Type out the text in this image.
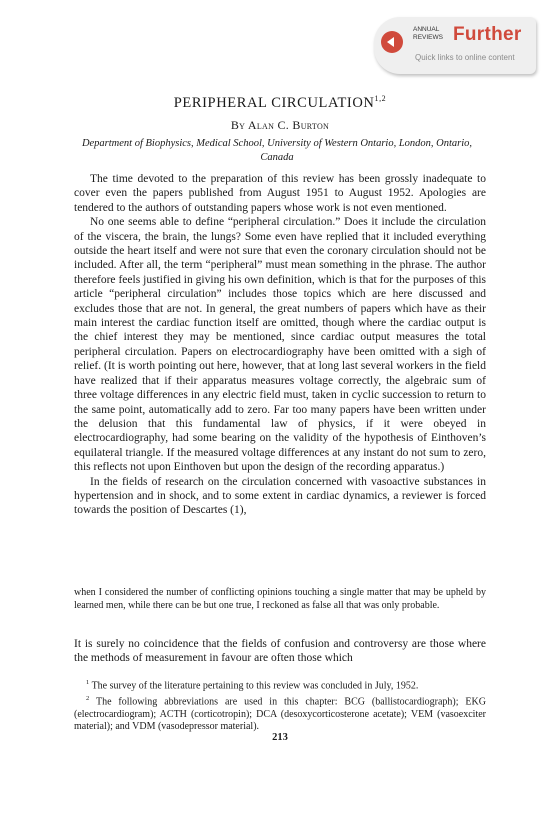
ANNUAL REVIEWS Further
Quick links to online content
PERIPHERAL CIRCULATION$^{1,2}$
By Alan C. Burton
Department of Biophysics, Medical School, University of Western Ontario, London, Ontario, Canada

The time devoted to the preparation of this review has been grossly inadequate to cover even the papers published from August 1951 to August 1952. Apologies are tendered to the authors of outstanding papers whose work is not even mentioned.

No one seems able to define “peripheral circulation.” Does it include the circulation of the viscera, the brain, the lungs? Some even have replied that it included everything outside the heart itself and were not sure that even the coronary circulation should not be included. After all, the term “peripheral” must mean something in the phrase. The author therefore feels justified in giving his own definition, which is that for the purposes of this article “peripheral circulation” includes those topics which are here discussed and excludes those that are not. In general, the great numbers of papers which have as their main interest the cardiac function itself are omitted, though where the cardiac output is the chief interest they may be mentioned, since cardiac output measures the total peripheral circulation. Papers on electrocardiography have been omitted with a sigh of relief. (It is worth pointing out here, however, that at long last several workers in the field have realized that if their apparatus measures voltage correctly, the algebraic sum of three voltage differences in any electric field must, taken in cyclic succession to return to the same point, automatically add to zero. Far too many papers have been written under the delusion that this fundamental law of physics, if it were obeyed in electrocardiography, had some bearing on the validity of the hypothesis of Einthoven’s equilateral triangle. If the measured voltage differences at any instant do not sum to zero, this reflects not upon Einthoven but upon the design of the recording apparatus.)

In the fields of research on the circulation concerned with vasoactive substances in hypertension and in shock, and to some extent in cardiac dynamics, a reviewer is forced towards the position of Descartes (1),

when I considered the number of conflicting opinions touching a single matter that may be upheld by learned men, while there can be but one true, I reckoned as false all that was only probable.
It is surely no coincidence that the fields of confusion and controversy are those where the methods of measurement in favour are often those which

$^1$ The survey of the literature pertaining to this review was concluded in July, 1952.

$^2$ The following abbreviations are used in this chapter: BCG (ballistocardiograph); EKG (electrocardiogram); ACTH (corticotropin); DCA (desoxycorticosterone acetate); VEM (vasoexciter material); and VDM (vasodepressor material).

213
